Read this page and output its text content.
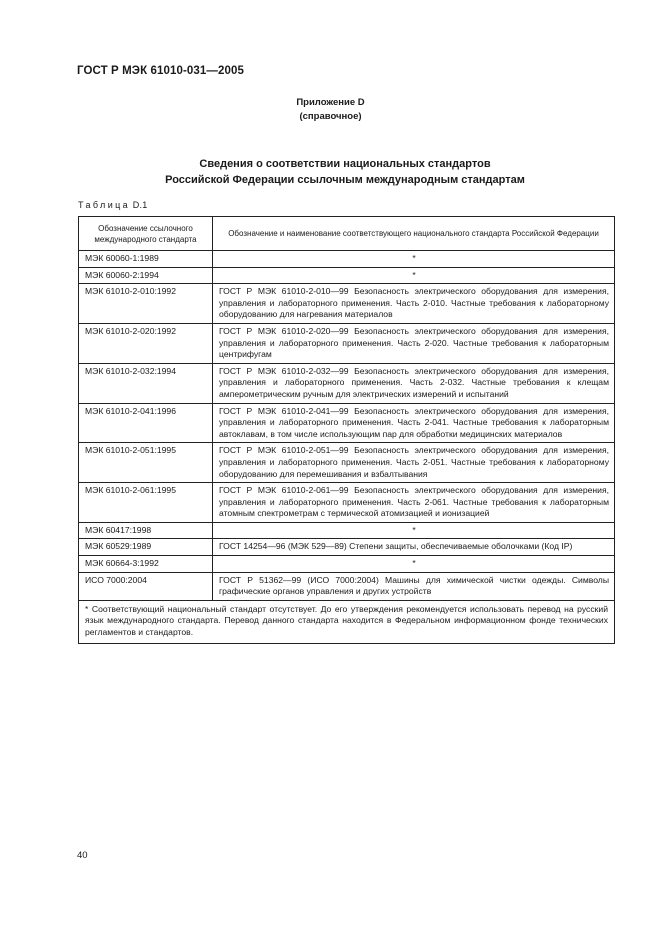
ГОСТ Р МЭК 61010-031—2005
Приложение D
(справочное)
Сведения о соответствии национальных стандартов
Российской Федерации ссылочным международным стандартам
Таблица D.1
Обозначение ссылочного международного стандарта	Обозначение и наименование соответствующего национального стандарта Российской Федерации
МЭК 60060-1:1989	*
МЭК 60060-2:1994	*
МЭК 61010-2-010:1992	ГОСТ Р МЭК 61010-2-010—99 Безопасность электрического оборудования для измерения, управления и лабораторного применения. Часть 2-010. Частные требования к лабораторному оборудованию для нагревания материалов
МЭК 61010-2-020:1992	ГОСТ Р МЭК 61010-2-020—99 Безопасность электрического оборудования для измерения, управления и лабораторного применения. Часть 2-020. Частные требования к лабораторным центрифугам
МЭК 61010-2-032:1994	ГОСТ Р МЭК 61010-2-032—99 Безопасность электрического оборудования для измерения, управления и лабораторного применения. Часть 2-032. Частные требования к клещам амперометрическим ручным для электрических измерений и испытаний
МЭК 61010-2-041:1996	ГОСТ Р МЭК 61010-2-041—99 Безопасность электрического оборудования для измерения, управления и лабораторного применения. Часть 2-041. Частные требования к лабораторным автоклавам, в том числе использующим пар для обработки медицинских материалов
МЭК 61010-2-051:1995	ГОСТ Р МЭК 61010-2-051—99 Безопасность электрического оборудования для измерения, управления и лабораторного применения. Часть 2-051. Частные требования к лабораторному оборудованию для перемешивания и взбалтывания
МЭК 61010-2-061:1995	ГОСТ Р МЭК 61010-2-061—99 Безопасность электрического оборудования для измерения, управления и лабораторного применения. Часть 2-061. Частные требования к лабораторным атомным спектрометрам с термической атомизацией и ионизацией
МЭК 60417:1998	*
МЭК 60529:1989	ГОСТ 14254—96 (МЭК 529—89) Степени защиты, обеспечиваемые оболочками (Код IP)
МЭК 60664-3:1992	*
ИСО 7000:2004	ГОСТ Р 51362—99 (ИСО 7000:2004) Машины для химической чистки одежды. Символы графические органов управления и других устройств
* Соответствующий национальный стандарт отсутствует. До его утверждения рекомендуется использовать перевод на русский язык международного стандарта. Перевод данного стандарта находится в Федеральном информационном фонде технических регламентов и стандартов.	
40
